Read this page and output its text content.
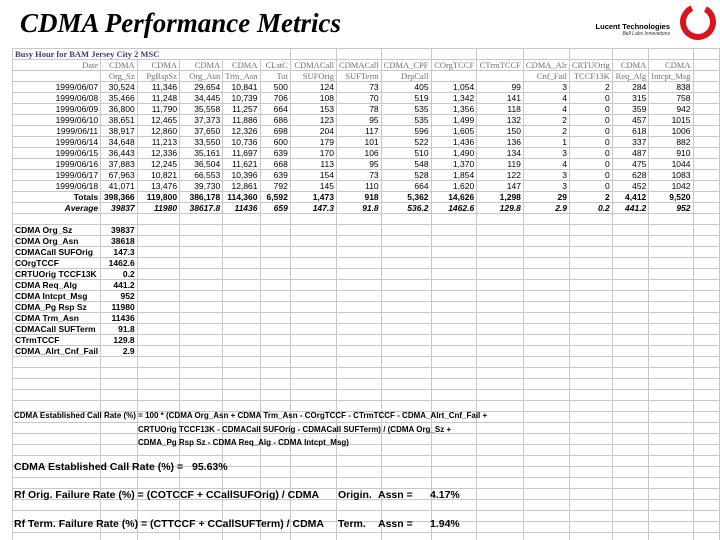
CDMA Performance Metrics	Lucent Technologies
Bell Labs Innovations
Busy Hour for BAM Jersey City 2 MSC															
Date	CDMA	CDMA	CDMA	CDMA	CLstC	CDMACall	CDMACall	CDMA_CPF	COrgTCCF	CTrmTCCF	CDMA_Alr	CRTUOrig	CDMA	CDMA	
	Org_Sz	PgRspSz	Org_Asn	Trm_Asn	Tot	SUFOrig	SUFTerm	DrpCall			Cnf_Fail	TCCF13K	Req_Alg	Intcpt_Msg	
1999/06/07	30,524	11,346	29,654	10,841	500	124	73	405	1,054	99	3	2	284	838	
1999/06/08	35,466	11,248	34,445	10,739	706	108	70	519	1,342	141	4	0	315	758	
1999/06/09	36,800	11,790	35,558	11,257	664	153	78	535	1,356	118	4	0	359	942	
1999/06/10	38,651	12,465	37,373	11,886	686	123	95	535	1,499	132	2	0	457	1015	
1999/06/11	38,917	12,860	37,650	12,326	698	204	117	596	1,605	150	2	0	618	1006	
1999/06/14	34,648	11,213	33,550	10,736	600	179	101	522	1,436	136	1	0	337	882	
1999/06/15	36,443	12,336	35,161	11,697	639	170	106	510	1,490	134	3	0	487	910	
1999/06/16	37,883	12,245	36,504	11,621	668	113	95	548	1,370	119	4	0	475	1044	
1999/06/17	67,963	10,821	66,553	10,396	639	154	73	528	1,854	122	3	0	628	1083	
1999/06/18	41,071	13,476	39,730	12,861	792	145	110	664	1,620	147	3	0	452	1042	
Totals	398,366	119,800	386,178	114,360	6,592	1,473	918	5,362	14,626	1,298	29	2	4,412	9,520	
Average	39837	11980	38617.8	11436	659	147.3	91.8	536.2	1462.6	129.8	2.9	0.2	441.2	952	

CDMA Org_Sz	39837														
CDMA Org_Asn	38618														
CDMACall SUFOrig	147.3														
COrgTCCF	1462.6														
CRTUOrig TCCF13K	0.2														
CDMA Req_Alg	441.2														
CDMA Intcpt_Msg	952														
CDMA_Pg Rsp Sz	11980														
CDMA Trm_Asn	11436														
CDMACall SUFTerm	91.8														
CTrmTCCF	129.8														
CDMA_Alrt_Cnf_Fail	2.9														

CDMA Established Call Rate (%) = 100 * (CDMA Org_Asn + CDMA Trm_Asn - COrgTCCF - CTrmTCCF - CDMA_Alrt_Cnf_Fail +
CRTUOrig TCCF13K - CDMACall SUFOrig - CDMACall SUFTerm) / (CDMA Org_Sz +
CDMA_Pg Rsp Sz - CDMA Req_Alg - CDMA Intcpt_Msg)
CDMA Established Call Rate (%) = 95.63%
Rf Orig. Failure Rate (%) = (COTCCF + CCallSUFOrig) / CDMA Origin. Assn = 4.17%
Rf Term. Failure Rate (%) = (CTTCCF + CCallSUFTerm) / CDMA Term. Assn = 1.94%
